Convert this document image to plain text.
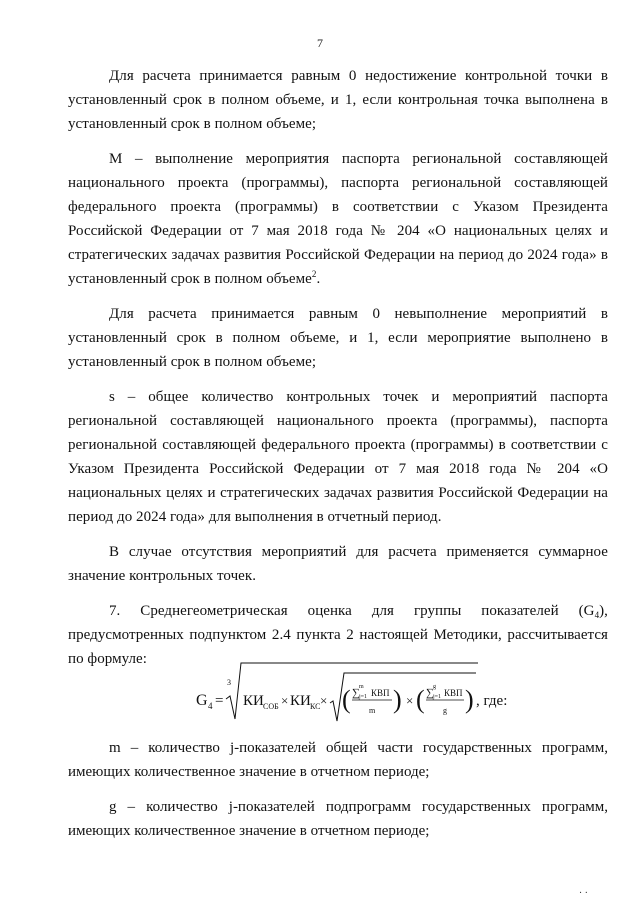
7

Для расчета принимается равным 0 недостижение контрольной точки в установленный срок в полном объеме, и 1, если контрольная точка выполнена в установленный срок в полном объеме;

М – выполнение мероприятия паспорта региональной составляющей национального проекта (программы), паспорта региональной составляющей федерального проекта (программы) в соответствии с Указом Президента Российской Федерации от 7 мая 2018 года № 204 «О национальных целях и стратегических задачах развития Российской Федерации на период до 2024 года» в установленный срок в полном объеме$^2$.

Для расчета принимается равным 0 невыполнение мероприятий в установленный срок в полном объеме, и 1, если мероприятие выполнено в установленный срок в полном объеме;

s – общее количество контрольных точек и мероприятий паспорта региональной составляющей национального проекта (программы), паспорта региональной составляющей федерального проекта (программы) в соответствии с Указом Президента Российской Федерации от 7 мая 2018 года № 204 «О национальных целях и стратегических задачах развития Российской Федерации на период до 2024 года» для выполнения в отчетный период.

В случае отсутствия мероприятий для расчета применяется суммарное значение контрольных точек.

7. Среднегеометрическая оценка для группы показателей $(G_4)$, предусмотренных подпунктом 2.4 пункта 2 настоящей Методики, рассчитывается по формуле:

G 4 =
3
КИ СОБ × КИ КС × ( ∑ m
j=1 КВП
m ) × ( ∑ g
j=1 КВП
g ) , где:

m – количество j-показателей общей части государственных программ, имеющих количественное значение в отчетном периоде;

g – количество j-показателей подпрограмм государственных программ, имеющих количественное значение в отчетном периоде;

· ·
